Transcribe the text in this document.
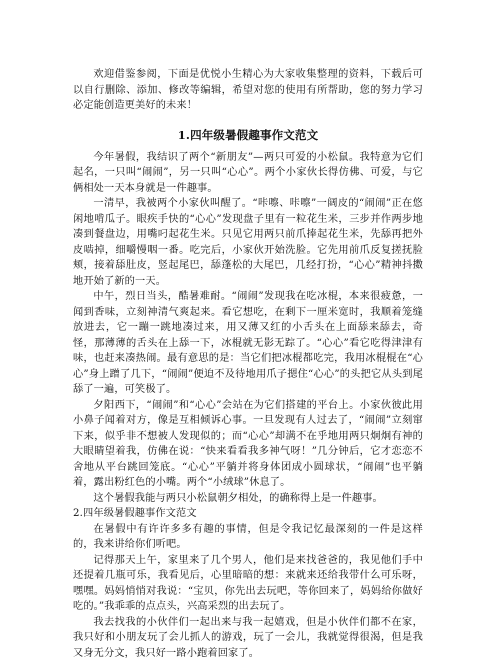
欢迎借鉴参阅，下面是优悦小生精心为大家收集整理的资料，下载后可以自行删除、添加、修改等编辑，希望对您的使用有所帮助，您的努力学习必定能创造更美好的未来！

1.四年级暑假趣事作文范文

今年暑假，我结识了两个“新朋友”—两只可爱的小松鼠。我特意为它们起名，一只叫“闹闹”，另一只叫“心心”。两个小家伙长得仿佛、可爱，与它俩相处一天本身就是一件趣事。

一清早，我被两个小家伙叫醒了。“咔嚓、咔嚓”一阔皮的“闹闹”正在悠闲地啃瓜子。眼疾手快的“心心”发现盘子里有一粒花生米，三步并作两步地凑到餐盘边，用嘴叼起花生米。只见它用两只前爪捧起花生米，先舔再把外皮啮掉，细嚼慢咽一番。吃完后，小家伙开始洗脸。它先用前爪反复搓抚脸颊，接着舔肚皮，竖起尾巴，舔蓬松的大尾巴，几经打扮，“心心”精神抖擞地开始了新的一天。

中午，烈日当头，酷暑难耐。“闹闹”发现我在吃冰棍，本来很疲惫，一闻到香味，立刻神清气爽起来。看它想吃，在剩下一厘米宽时，我顺着笼缝放进去，它一蹦一跳地凑过来，用又薄又红的小舌头在上面舔来舔去，奇怪，那薄薄的舌头在上舔一下，冰棍就无影无踪了。“心心”看它吃得津津有味，也赶来凑热闹。最有意思的是：当它们把冰棍都吃完，我用冰棍棍在“心心”身上蹭了几下，“闹闹”便迫不及待地用爪子摁住“心心”的头把它从头到尾舔了一遍，可笑极了。

夕阳西下，“闹闹”和“心心”会站在为它们搭建的平台上。小家伙彼此用小鼻子闻着对方，像是互相倾诉心事。一旦发现有人过去了，“闹闹”立刻窜下来，似乎非不想被人发现似的；而“心心”却满不在乎地用两只炯炯有神的大眼睛望着我，仿佛在说：“快来看看我多神气呀！”几分钟后，它才恋恋不舍地从平台跳回笼底。“心心”平躺并将身体团成小圆球状，“闹闹”也平躺着，露出粉红色的小嘴。两个“小绒球”休息了。

这个暑假我能与两只小松鼠朝夕相处，的确称得上是一件趣事。

2.四年级暑假趣事作文范文

在暑假中有许许多多有趣的事情，但是令我记忆最深刻的一件是这样的，我来讲给你们听吧。

记得那天上午，家里来了几个男人，他们是来找爸爸的，我见他们手中还提着几瓶可乐，我看见后，心里暗暗的想：来就来还给我带什么可乐呀，嘿嘿。妈妈悄悄对我说：“宝贝，你先出去玩吧，等你回来了，妈妈给你做好吃的。”我乖乖的点点头，兴高采烈的出去玩了。

我去找我的小伙伴们一起出来与我一起嬉戏，但是小伙伴们都不在家，我只好和小朋友玩了会儿抓人的游戏，玩了一会儿，我就觉得很渴，但是我又身无分文，我只好一路小跑着回家了。
